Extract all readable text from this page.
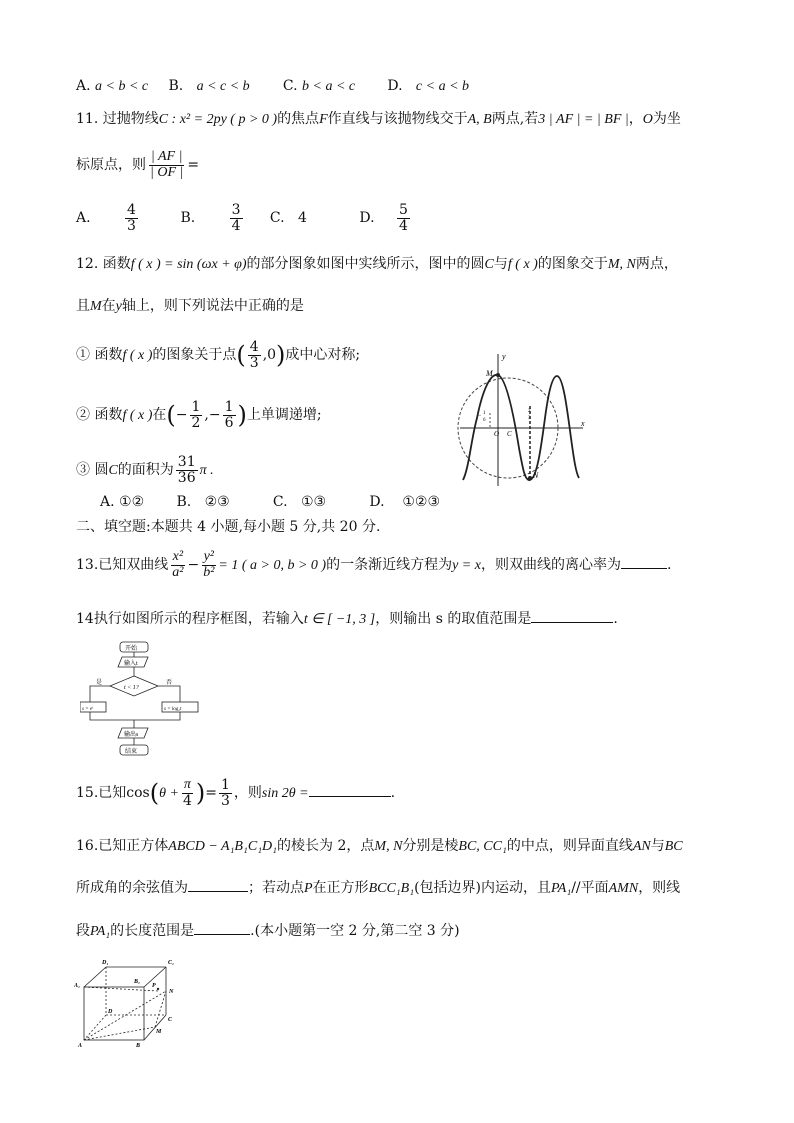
A. a < b < c B. a < c < b C. b < a < c D. c < a < b
11. 过抛物线C : x² = 2py ( p > 0 )的焦点F作直线与该抛物线交于A, B两点,若3 | AF | = | BF |，O为坐
标原点，则 $\frac{| AF |}{| OF |}$ =
A. $\frac{4}{3}$	B. $\frac{3}{4} C$. 4	D. $\frac{5}{4}$
12. 函数f ( x ) = sin (ωx + φ)的部分图象如图中实线所示，图中的圆C与f ( x )的图象交于M, N两点，
且M在y轴上，则下列说法中正确的是
① 函数f ( x )的图象关于点( $\frac{4}{3} ,0$)成中心对称;
② 函数f ( x )在(− $\frac{1}{2}$ ,− $\frac{1}{6}$ )上单调递增;
③ 圆C的面积为 $\frac{31}{36}$ π .
A. ①② B. ②③	C. ①③	D. ①②③
y
x
M
N
O C
− 1
6
2
3
二、填空题:本题共 4 小题,每小题 5 分,共 20 分.
13.已知双曲线 $\frac{\text{x²}}{\text{a²}} - \frac{\text{y²}}{\text{b²}} = 1$ ( a > 0, b > 0 )的一条渐近线方程为y = x，则双曲线的离心率为	.
14执行如图所示的程序框图，若输入t ∈ [ −1, 3 ]，则输出 s 的取值范围是	.
开始
输入t
t < 1?
是	否
s = eᵗ	s = log₂t
输出s
结束
15.已知$\cos(\theta + \frac{\pi}{4}$ )= $\frac{1}{3}$ ，则sin 2θ =	.
16.已知正方体ABCD − A₁B₁C₁D₁的棱长为 2，点M, N分别是棱BC, CC₁的中点，则异面直线AN与BC
所成角的余弦值为	；若动点P在正方形BCC₁B₁(包括边界)内运动，且PA₁//平面AMN，则线
段PA₁的长度范围是	.(本小题第一空 2 分,第二空 3 分)
D₁	C₁
A₁
B₁
P
N
D
C
M
A	B
